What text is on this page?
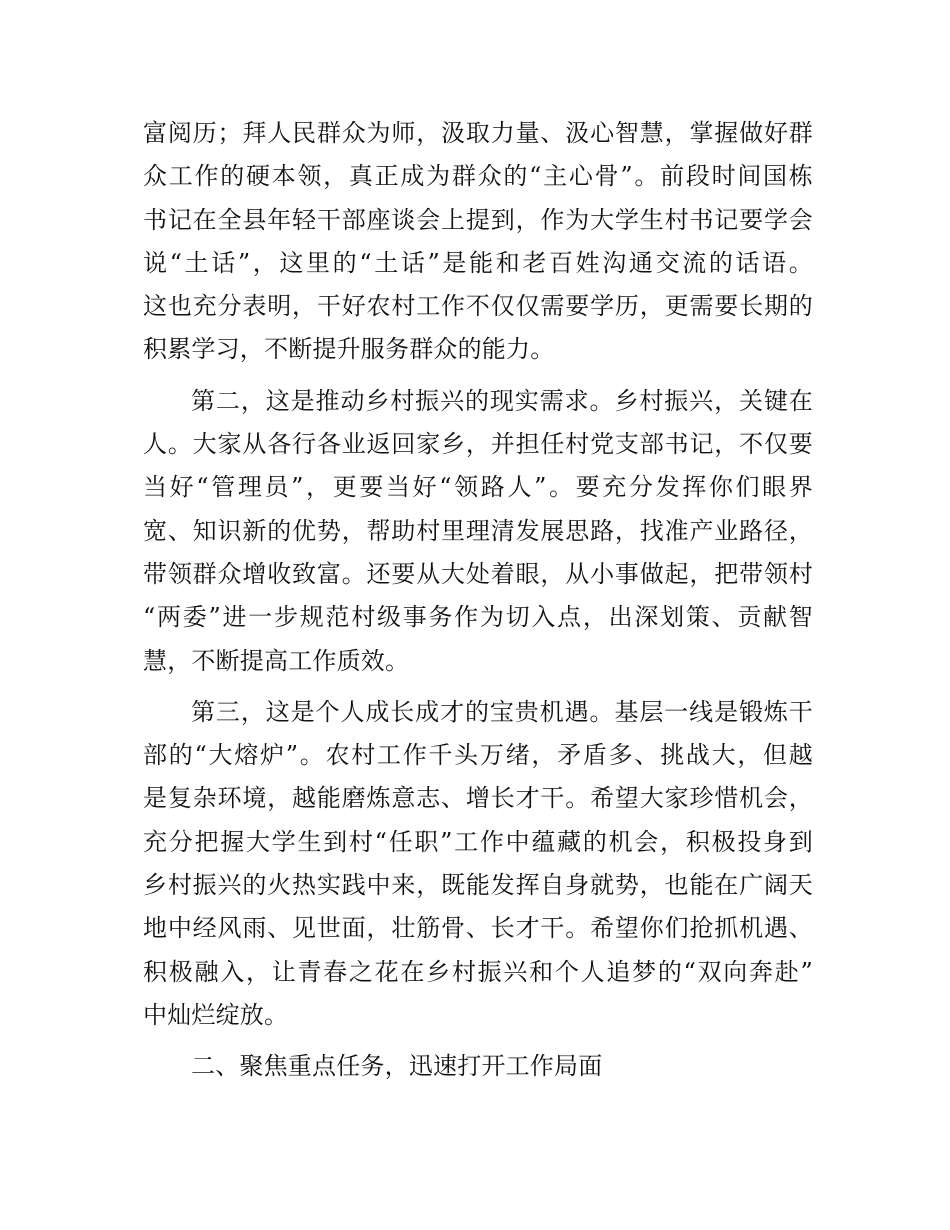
富阅历；拜人民群众为师，汲取力量、汲心智慧，掌握做好群
众工作的硬本领，真正成为群众的“主心骨”。前段时间国栋
书记在全县年轻干部座谈会上提到，作为大学生村书记要学会
说“土话”，这里的“土话”是能和老百姓沟通交流的话语。
这也充分表明，干好农村工作不仅仅需要学历，更需要长期的
积累学习，不断提升服务群众的能力。
第二，这是推动乡村振兴的现实需求。乡村振兴，关键在
人。大家从各行各业返回家乡，并担任村党支部书记，不仅要
当好“管理员”，更要当好“领路人”。要充分发挥你们眼界
宽、知识新的优势，帮助村里理清发展思路，找准产业路径，
带领群众增收致富。还要从大处着眼，从小事做起，把带领村
“两委”进一步规范村级事务作为切入点，出深划策、贡献智
慧，不断提高工作质效。
第三，这是个人成长成才的宝贵机遇。基层一线是锻炼干
部的“大熔炉”。农村工作千头万绪，矛盾多、挑战大，但越
是复杂环境，越能磨炼意志、增长才干。希望大家珍惜机会，
充分把握大学生到村“任职”工作中蕴藏的机会，积极投身到
乡村振兴的火热实践中来，既能发挥自身就势，也能在广阔天
地中经风雨、见世面，壮筋骨、长才干。希望你们抢抓机遇、
积极融入，让青春之花在乡村振兴和个人追梦的“双向奔赴”
中灿烂绽放。
二、聚焦重点任务，迅速打开工作局面
